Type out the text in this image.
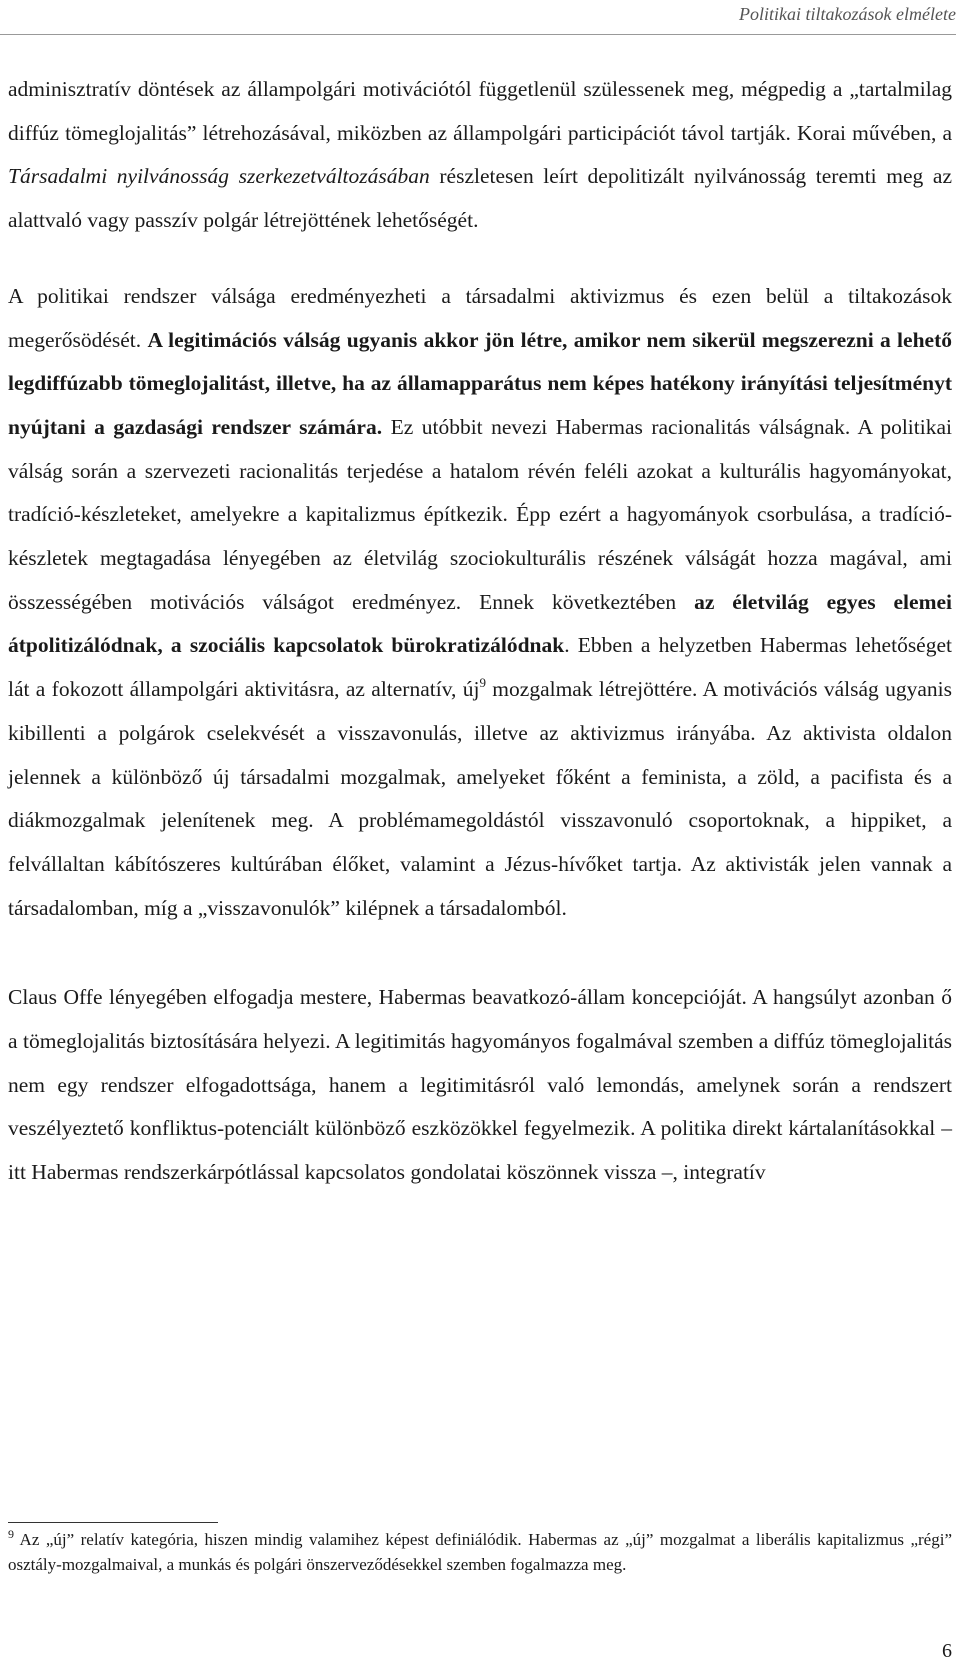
Politikai tiltakozások elmélete

adminisztratív döntések az állampolgári motivációtól függetlenül szülessenek meg, mégpedig a „tartalmilag diffúz tömeglojalitás” létrehozásával, miközben az állampolgári participációt távol tartják. Korai művében, a Társadalmi nyilvánosság szerkezetváltozásában részletesen leírt depolitizált nyilvánosság teremti meg az alattvaló vagy passzív polgár létrejöttének lehetőségét.

A politikai rendszer válsága eredményezheti a társadalmi aktivizmus és ezen belül a tiltakozások megerősödését. A legitimációs válság ugyanis akkor jön létre, amikor nem sikerül megszerezni a lehető legdiffúzabb tömeglojalitást, illetve, ha az államapparátus nem képes hatékony irányítási teljesítményt nyújtani a gazdasági rendszer számára. Ez utóbbit nevezi Habermas racionalitás válságnak. A politikai válság során a szervezeti racionalitás terjedése a hatalom révén feléli azokat a kulturális hagyományokat, tradíció-készleteket, amelyekre a kapitalizmus építkezik. Épp ezért a hagyományok csorbulása, a tradíció-készletek megtagadása lényegében az életvilág szociokulturális részének válságát hozza magával, ami összességében motivációs válságot eredményez. Ennek következtében az életvilág egyes elemei átpolitizálódnak, a szociális kapcsolatok bürokratizálódnak. Ebben a helyzetben Habermas lehetőséget lát a fokozott állampolgári aktivitásra, az alternatív, $új^9$ mozgalmak létrejöttére. A motivációs válság ugyanis kibillenti a polgárok cselekvését a visszavonulás, illetve az aktivizmus irányába. Az aktivista oldalon jelennek a különböző új társadalmi mozgalmak, amelyeket főként a feminista, a zöld, a pacifista és a diákmozgalmak jelenítenek meg. A problémamegoldástól visszavonuló csoportoknak, a hippiket, a felvállaltan kábítószeres kultúrában élőket, valamint a Jézus-hívőket tartja. Az aktivisták jelen vannak a társadalomban, míg a „visszavonulók” kilépnek a társadalomból.

Claus Offe lényegében elfogadja mestere, Habermas beavatkozó-állam koncepcióját. A hangsúlyt azonban ő a tömeglojalitás biztosítására helyezi. A legitimitás hagyományos fogalmával szemben a diffúz tömeglojalitás nem egy rendszer elfogadottsága, hanem a legitimitásról való lemondás, amelynek során a rendszert veszélyeztető konfliktus-potenciált különböző eszközökkel fegyelmezik. A politika direkt kártalanításokkal – itt Habermas rendszerkárpótlással kapcsolatos gondolatai köszönnek vissza –, integratív

$^9$ Az „új” relatív kategória, hiszen mindig valamihez képest definiálódik. Habermas az „új” mozgalmat a liberális kapitalizmus „régi” osztály-mozgalmaival, a munkás és polgári önszerveződésekkel szemben fogalmazza meg.

6
